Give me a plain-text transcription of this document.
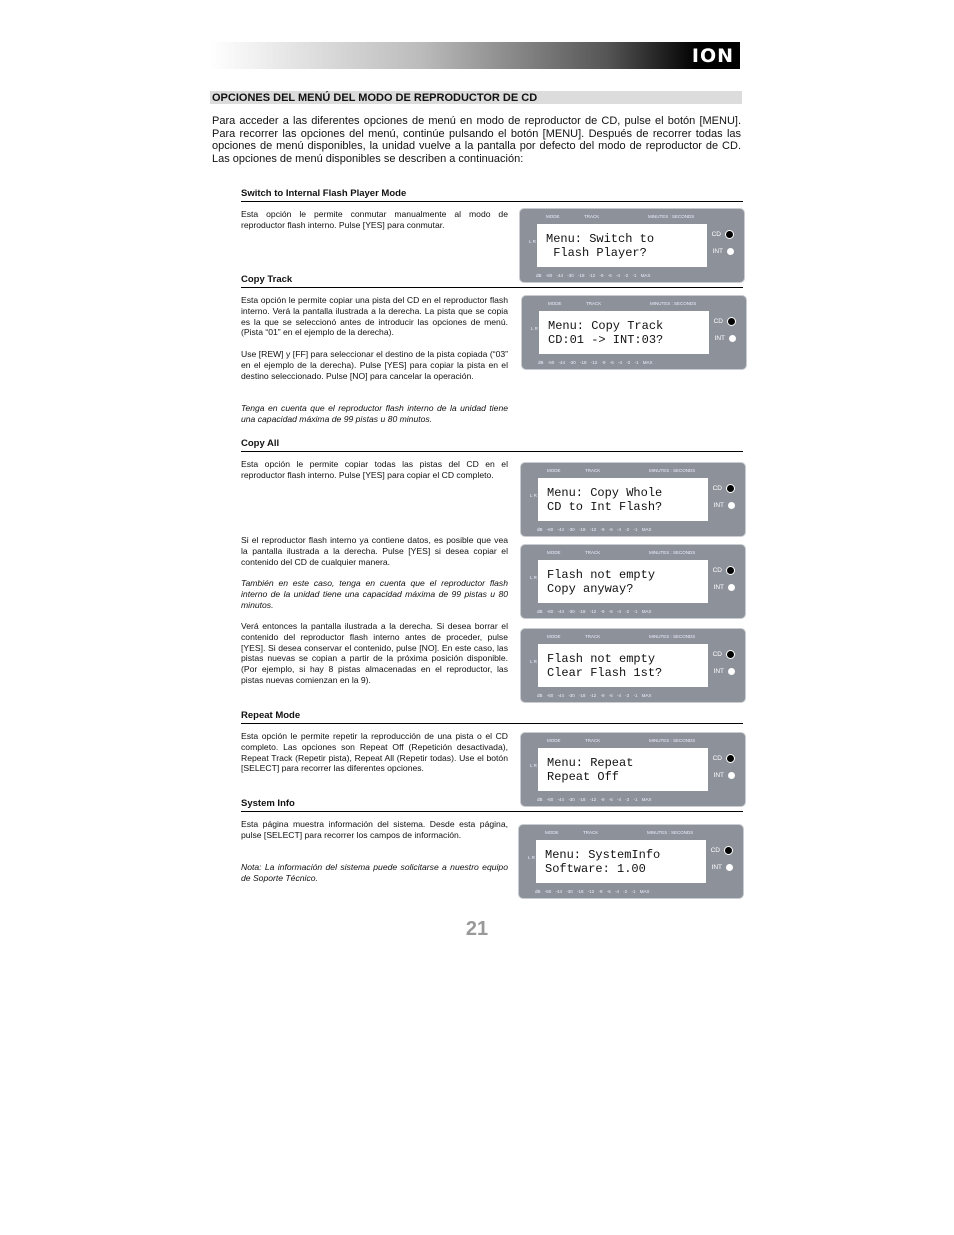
ION
OPCIONES DEL MENÚ DEL MODO DE REPRODUCTOR DE CD
Para acceder a las diferentes opciones de menú en modo de reproductor de CD, pulse el botón [MENU]. Para recorrer las opciones del menú, continúe pulsando el botón [MENU]. Después de recorrer todas las opciones de menú disponibles, la unidad vuelve a la pantalla por defecto del modo de reproductor de CD. Las opciones de menú disponibles se describen a continuación:
Switch to Internal Flash Player Mode
Copy Track
Copy All
Repeat Mode
System Info
Esta opción le permite conmutar manualmente al modo de reproductor flash interno. Pulse [YES] para conmutar.
Esta opción le permite copiar una pista del CD en el reproductor flash interno. Verá la pantalla ilustrada a la derecha. La pista que se copia es la que se seleccionó antes de introducir las opciones de menú. (Pista “01” en el ejemplo de la derecha).
Use [REW] y [FF] para seleccionar el destino de la pista copiada (“03” en el ejemplo de la derecha). Pulse [YES] para copiar la pista en el destino seleccionado. Pulse [NO] para cancelar la operación.
Tenga en cuenta que el reproductor flash interno de la unidad tiene una capacidad máxima de 99 pistas u 80 minutos.
Esta opción le permite copiar todas las pistas del CD en el reproductor flash interno. Pulse [YES] para copiar el CD completo.
Si el reproductor flash interno ya contiene datos, es posible que vea la pantalla ilustrada a la derecha. Pulse [YES] si desea copiar el contenido del CD de cualquier manera.
También en este caso, tenga en cuenta que el reproductor flash interno de la unidad tiene una capacidad máxima de 99 pistas u 80 minutos.
Verá entonces la pantalla ilustrada a la derecha. Si desea borrar el contenido del reproductor flash interno antes de proceder, pulse [YES]. Si desea conservar el contenido, pulse [NO]. En este caso, las pistas nuevas se copian a partir de la próxima posición disponible. (Por ejemplo, si hay 8 pistas almacenadas en el reproductor, las pistas nuevas comienzan en la 9).
Esta opción le permite repetir la reproducción de una pista o el CD completo. Las opciones son Repeat Off (Repetición desactivada), Repeat Track (Repetir pista), Repeat All (Repetir todas). Use el botón [SELECT] para recorrer las diferentes opciones.
Esta página muestra información del sistema. Desde esta página, pulse [SELECT] para recorrer los campos de información.
Nota: La información del sistema puede solicitarse a nuestro equipo de Soporte Técnico.
MODE	TRACK	MINUTES : SECONDS
L R Menu: Switch to
Flash Player?
CD
INT
dB -60 -44 -30 -18 -12 -9 -6 -4 -2 -1 MAX
MODE	TRACK	MINUTES : SECONDS
L R Menu: Copy Track
CD:01 -> INT:03?
CD
INT
dB -60 -44 -30 -18 -12 -9 -6 -4 -2 -1 MAX
MODE	TRACK	MINUTES : SECONDS
L R Menu: Copy Whole
CD to Int Flash?
CD
INT
dB -60 -44 -30 -18 -12 -9 -6 -4 -2 -1 MAX
MODE	TRACK	MINUTES : SECONDS
L R Flash not empty
Copy anyway?
CD
INT
dB -60 -44 -30 -18 -12 -9 -6 -4 -2 -1 MAX
MODE	TRACK	MINUTES : SECONDS
L R Flash not empty
Clear Flash 1st?
CD
INT
dB -60 -44 -30 -18 -12 -9 -6 -4 -2 -1 MAX
MODE	TRACK	MINUTES : SECONDS
L R Menu: Repeat
Repeat Off
CD
INT
dB -60 -44 -30 -18 -12 -9 -6 -4 -2 -1 MAX
MODE	TRACK	MINUTES : SECONDS
L R Menu: SystemInfo
Software: 1.00
CD
INT
dB -60 -44 -30 -18 -12 -9 -6 -4 -2 -1 MAX
21
